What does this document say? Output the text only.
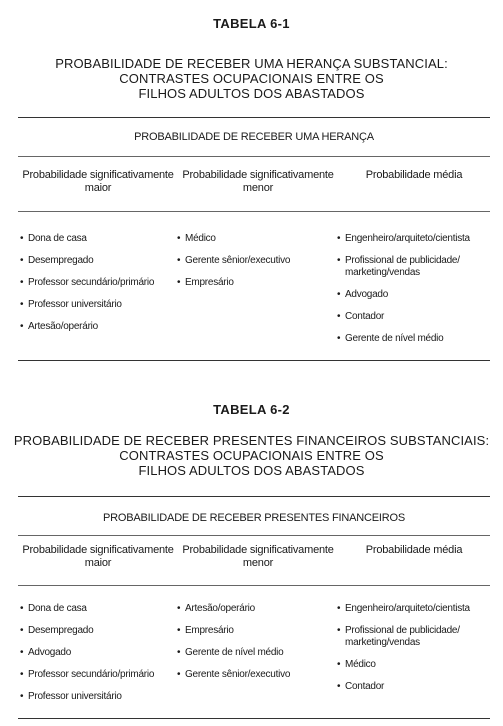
TABELA 6-1
PROBABILIDADE DE RECEBER UMA HERANÇA SUBSTANCIAL:
CONTRASTES OCUPACIONAIS ENTRE OS
FILHOS ADULTOS DOS ABASTADOS
PROBABILIDADE DE RECEBER UMA HERANÇA
Probabilidade significativamente
maior
Probabilidade significativamente
menor
Probabilidade média
• Dona de casa
• Desempregado
• Professor secundário/primário
• Professor universitário
• Artesão/operário
• Médico
• Gerente sênior/executivo
• Empresário
• Engenheiro/arquiteto/cientista
• Profissional de publicidade/ marketing/vendas
• Advogado
• Contador
• Gerente de nível médio
TABELA 6-2
PROBABILIDADE DE RECEBER PRESENTES FINANCEIROS SUBSTANCIAIS:
CONTRASTES OCUPACIONAIS ENTRE OS
FILHOS ADULTOS DOS ABASTADOS
PROBABILIDADE DE RECEBER PRESENTES FINANCEIROS
Probabilidade significativamente
maior
Probabilidade significativamente
menor
Probabilidade média
• Dona de casa
• Desempregado
• Advogado
• Professor secundário/primário
• Professor universitário
• Artesão/operário
• Empresário
• Gerente de nível médio
• Gerente sênior/executivo
• Engenheiro/arquiteto/cientista
• Profissional de publicidade/ marketing/vendas
• Médico
• Contador
